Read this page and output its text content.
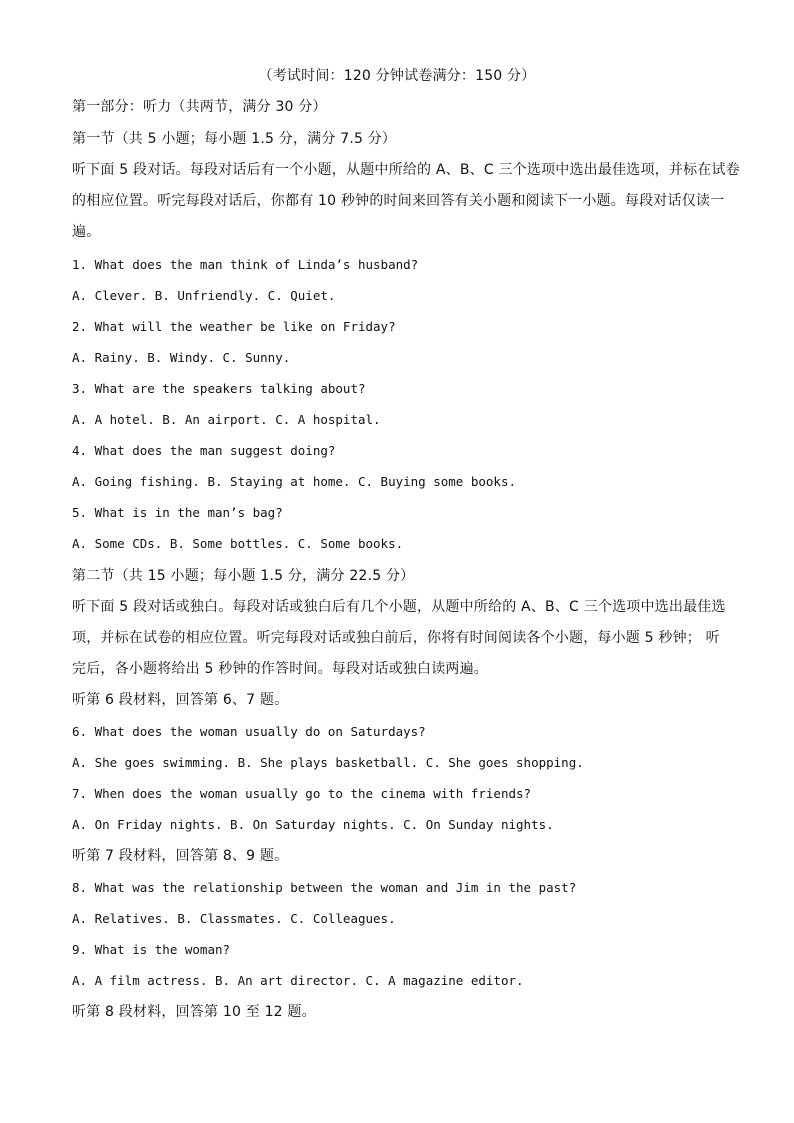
（考试时间：120 分钟试卷满分：150 分）
第一部分：听力（共两节，满分 30 分）
第一节（共 5 小题；每小题 1.5 分，满分 7.5 分）
听下面 5 段对话。每段对话后有一个小题，从题中所给的 A、B、C 三个选项中选出最佳选项，并标在试卷
的相应位置。听完每段对话后，你都有 10 秒钟的时间来回答有关小题和阅读下一小题。每段对话仅读一
遍。
1. What does the man think of Linda’s husband?
A. Clever. B. Unfriendly. C. Quiet.
2. What will the weather be like on Friday?
A. Rainy. B. Windy. C. Sunny.
3. What are the speakers talking about?
A. A hotel. B. An airport. C. A hospital.
4. What does the man suggest doing?
A. Going fishing. B. Staying at home. C. Buying some books.
5. What is in the man’s bag?
A. Some CDs. B. Some bottles. C. Some books.
第二节（共 15 小题；每小题 1.5 分，满分 22.5 分）
听下面 5 段对话或独白。每段对话或独白后有几个小题，从题中所给的 A、B、C 三个选项中选出最佳选
项，并标在试卷的相应位置。听完每段对话或独白前后，你将有时间阅读各个小题，每小题 5 秒钟； 听
完后，各小题将给出 5 秒钟的作答时间。每段对话或独白读两遍。
听第 6 段材料，回答第 6、7 题。
6. What does the woman usually do on Saturdays?
A. She goes swimming. B. She plays basketball. C. She goes shopping.
7. When does the woman usually go to the cinema with friends?
A. On Friday nights. B. On Saturday nights. C. On Sunday nights.
听第 7 段材料，回答第 8、9 题。
8. What was the relationship between the woman and Jim in the past?
A. Relatives. B. Classmates. C. Colleagues.
9. What is the woman?
A. A film actress. B. An art director. C. A magazine editor.
听第 8 段材料，回答第 10 至 12 题。
